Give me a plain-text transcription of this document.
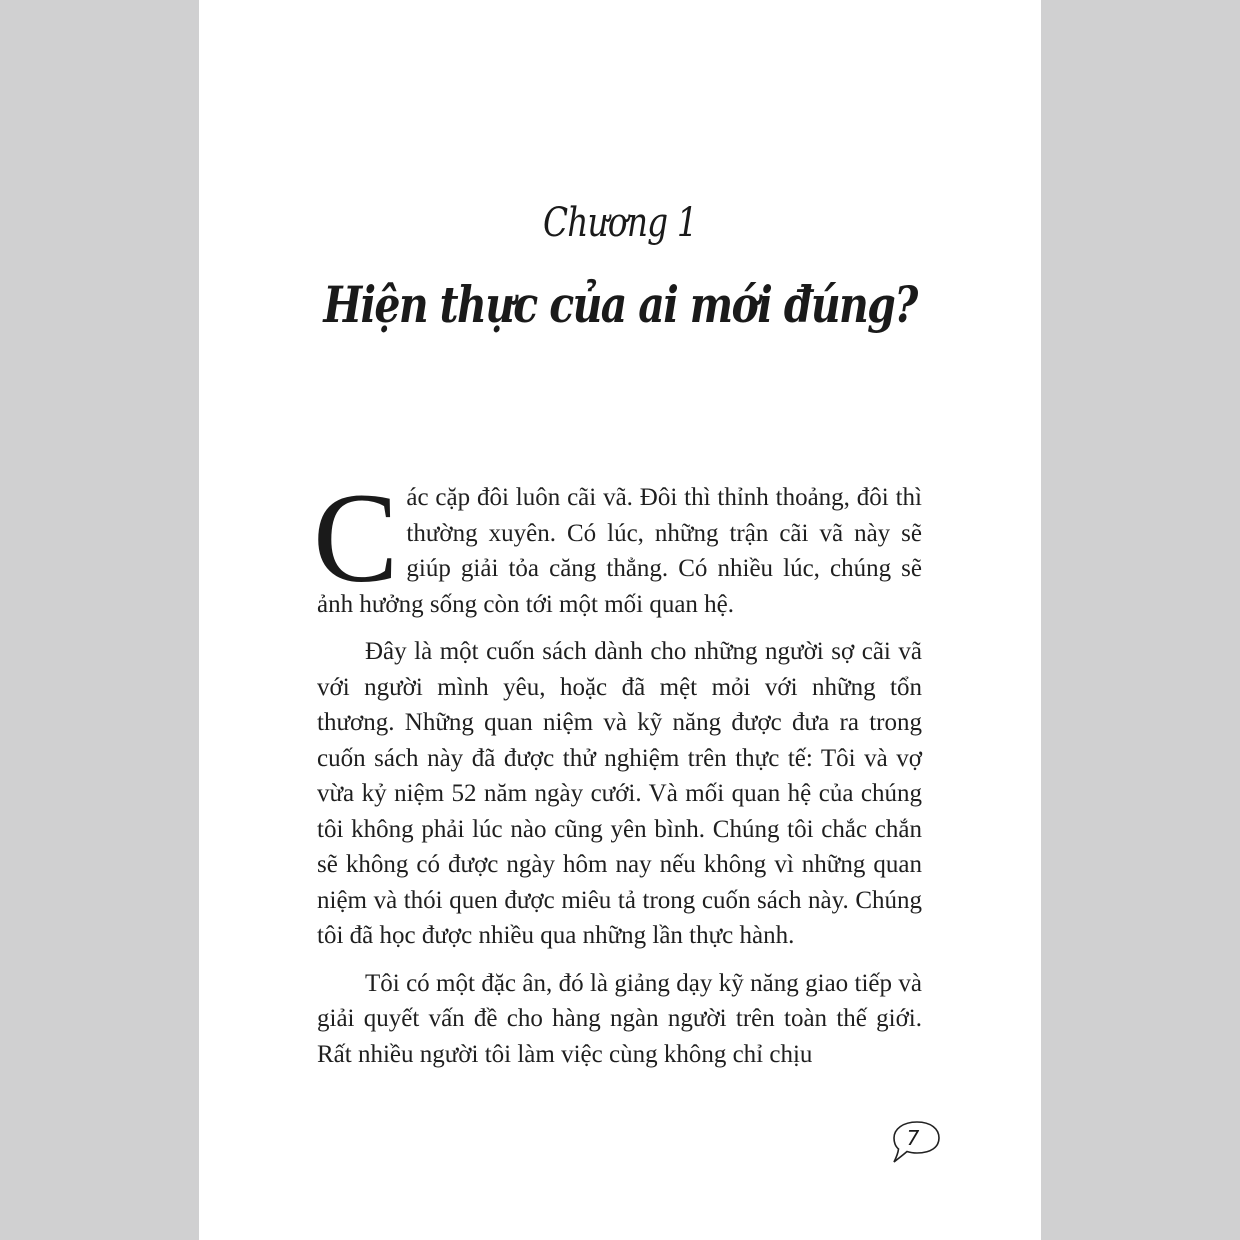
Chương 1
Hiện thực của ai mới đúng?

Các cặp đôi luôn cãi vã. Đôi thì thỉnh thoảng, đôi thì thường xuyên. Có lúc, những trận cãi vã này sẽ giúp giải tỏa căng thẳng. Có nhiều lúc, chúng sẽ ảnh hưởng sống còn tới một mối quan hệ.

Đây là một cuốn sách dành cho những người sợ cãi vã với người mình yêu, hoặc đã mệt mỏi với những tổn thương. Những quan niệm và kỹ năng được đưa ra trong cuốn sách này đã được thử nghiệm trên thực tế: Tôi và vợ vừa kỷ niệm 52 năm ngày cưới. Và mối quan hệ của chúng tôi không phải lúc nào cũng yên bình. Chúng tôi chắc chắn sẽ không có được ngày hôm nay nếu không vì những quan niệm và thói quen được miêu tả trong cuốn sách này. Chúng tôi đã học được nhiều qua những lần thực hành.

Tôi có một đặc ân, đó là giảng dạy kỹ năng giao tiếp và giải quyết vấn đề cho hàng ngàn người trên toàn thế giới. Rất nhiều người tôi làm việc cùng không chỉ chịu

7
